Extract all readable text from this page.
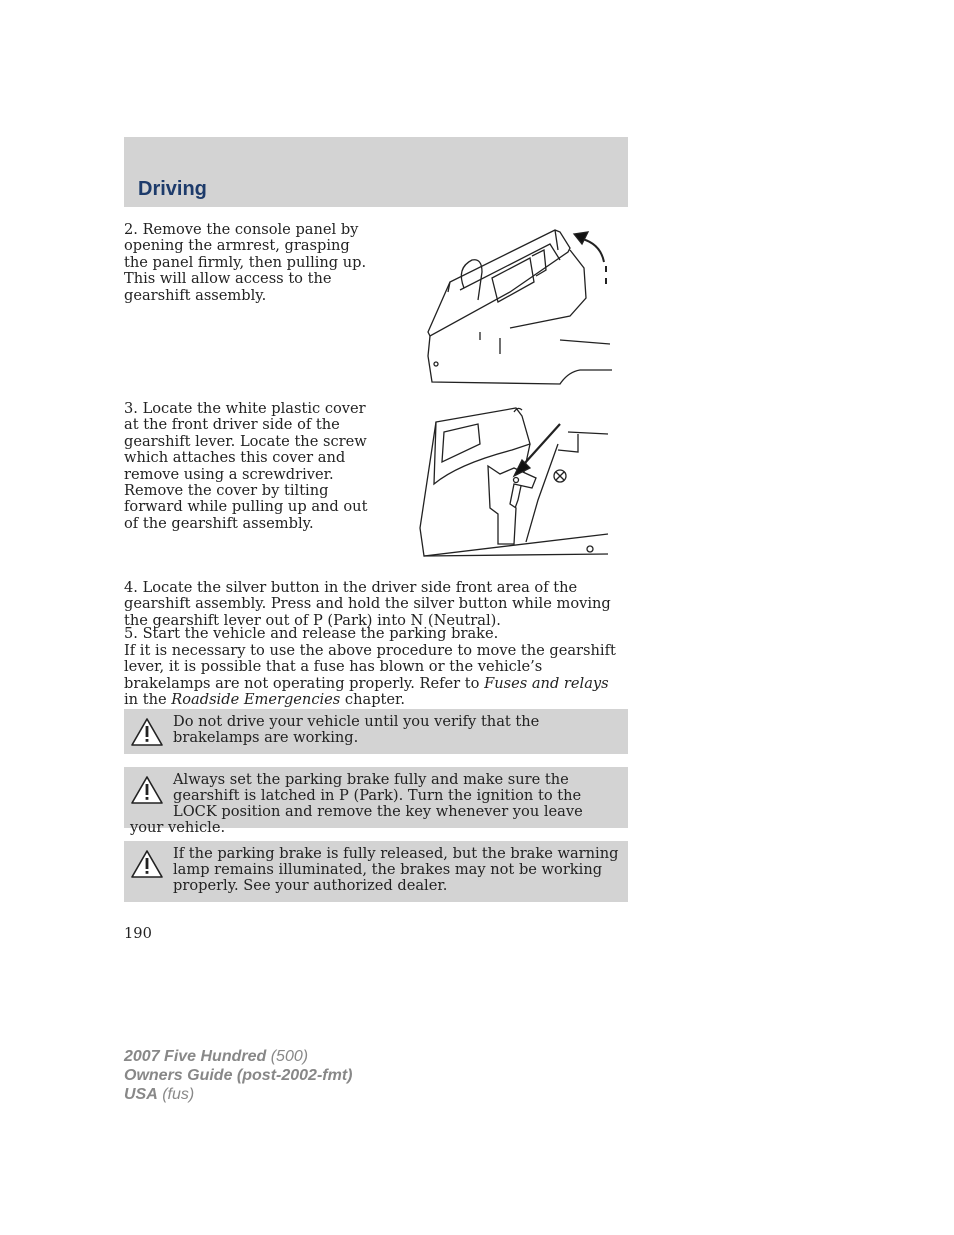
Driving

2. Remove the console panel by opening the armrest, grasping the panel firmly, then pulling up. This will allow access to the gearshift assembly.

3. Locate the white plastic cover at the front driver side of the gearshift lever. Locate the screw which attaches this cover and remove using a screwdriver. Remove the cover by tilting forward while pulling up and out of the gearshift assembly.

4. Locate the silver button in the driver side front area of the gearshift assembly. Press and hold the silver button while moving the gearshift lever out of P (Park) into N (Neutral).

5. Start the vehicle and release the parking brake.

If it is necessary to use the above procedure to move the gearshift lever, it is possible that a fuse has blown or the vehicle’s brakelamps are not operating properly. Refer to Fuses and relays in the Roadside Emergencies chapter.

Do not drive your vehicle until you verify that the brakelamps are working.
Always set the parking brake fully and make sure the gearshift is latched in P (Park). Turn the ignition to the LOCK position and remove the key whenever you leave your vehicle.
If the parking brake is fully released, but the brake warning lamp remains illuminated, the brakes may not be working properly. See your authorized dealer.

190

2007 Five Hundred (500)
Owners Guide (post-2002-fmt)
USA (fus)
